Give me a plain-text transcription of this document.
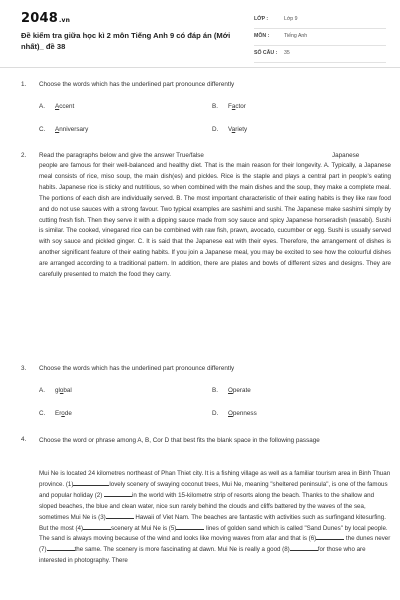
2048.vn
Đề kiểm tra giữa học kì 2 môn Tiếng Anh 9 có đáp án (Mới nhất)_ đề 38
LỚP :	Lớp 9
MÔN :	Tiếng Anh
SỐ CÂU : 35
1. Choose the words which has the underlined part pronounce differently
A. Accent	B. Factor
C. Anniversary	D. Variety
2. Read the paragraphs below and give the answer True/false	Japanese
people are famous for their well-balanced and healthy diet. That is the main reason for their longevity. A. Typically, a Japanese meal consists of rice, miso soup, the main dish(es) and pickles. Rice is the staple and plays a central part in people's eating habits. Japanese rice is sticky and nutritious, so when combined with the main dishes and the soup, they make a complete meal. The portions of each dish are individually served. B. The most important characteristic of their eating habits is they like raw food and do not use sauces with a strong favour. Two typical examples are sashimi and sushi. The Japanese make sashimi simply by cutting fresh fish. Then they serve it with a dipping sauce made from soy sauce and spicy Japanese horseradish (wasabi). Sushi is similar. The cooked, vinegared rice can be combined with raw fish, prawn, avocado, cucumber or egg. Sushi is usually served with soy sauce and pickled ginger. C. It is said that the Japanese eat with their eyes. Therefore, the arrangement of dishes is another significant feature of their eating habits. If you join a Japanese meal, you may be excited to see how the colourful dishes are arranged according to a traditional pattern. In addition, there are plates and bowls of different sizes and designs. They are carefully presented to match the food they carry.
3. Choose the words which has the underlined part pronounce differently
A. global	B. Operate
C. Erode	D. Openness
4. Choose the word or phrase among A, B, Cor D that best fits the blank space in the following passage
Mui Ne is located 24 kilometres northeast of Phan Thiet city. It is a fishing village as well as a familiar tourism area in Binh Thuan province. (1)	lovely scenery of swaying coconut trees, Mui Ne, meaning "sheltered peninsula", is one of the famous and popular holiday (2)	in the world with 15-kilometre strip of resorts along the beach. Thanks to the shallow and sloped beaches, the blue and clean water, nice sun rarely behind the clouds and cliffs battered by the waves of the sea, sometimes Mui Ne is (3)	Hawaii of Viet Nam. The beaches are fantastic with activities such as surfingand kitesurfing. But the most (4)	scenery at Mui Ne is (5)	lines of golden sand which is called "Sand Dunes" by local people. The sand is always moving because of the wind and looks like moving waves from afar and that is (6)	the dunes never (7)	the same. The scenery is more fascinating at dawn. Mui Ne is really a good (8)	for those who are interested in photography. There
